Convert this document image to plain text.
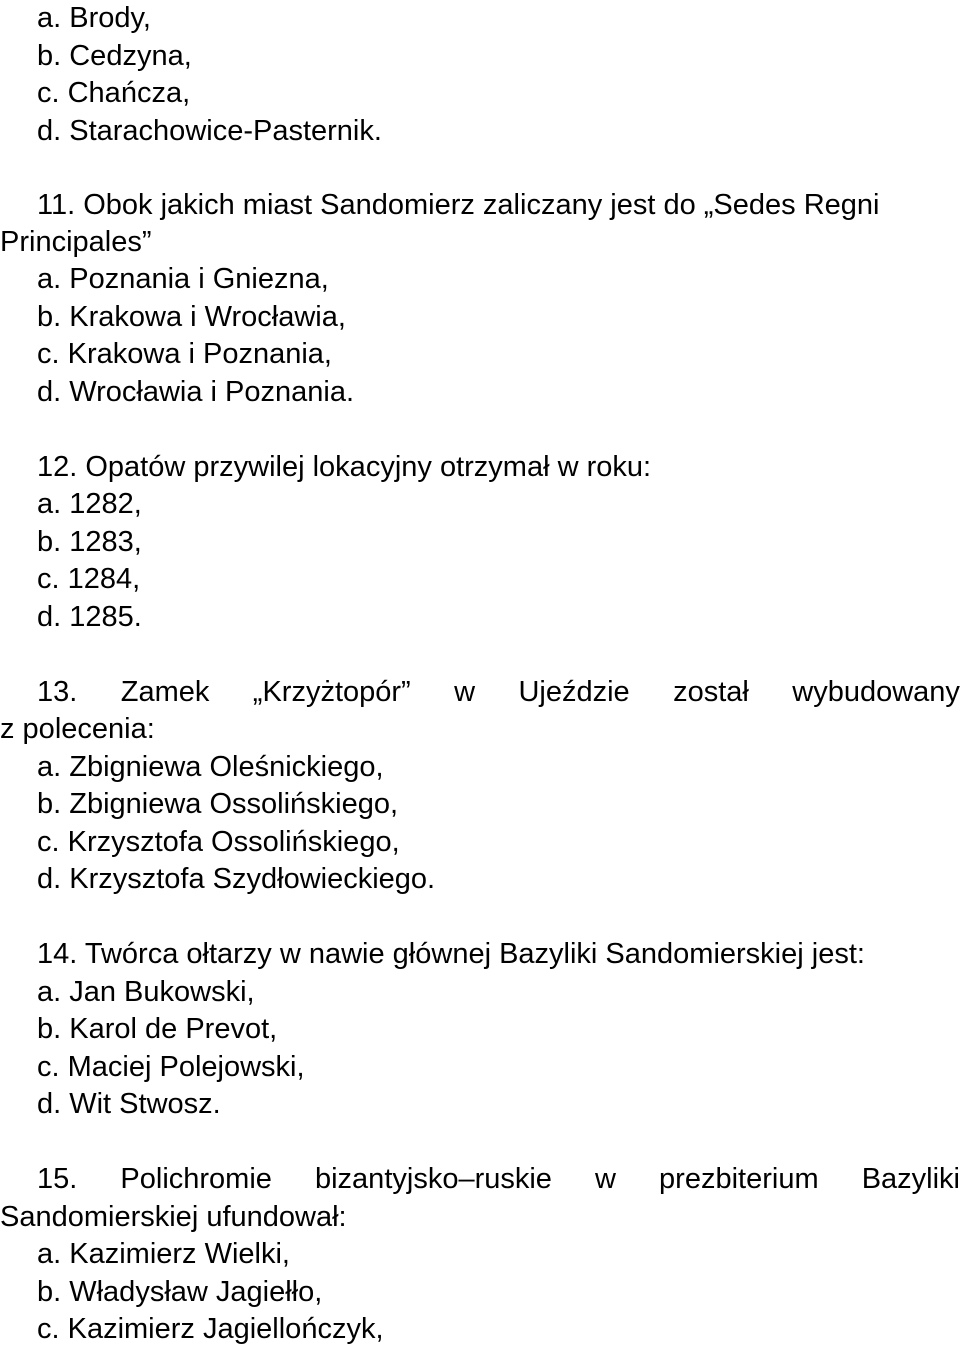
a. Brody,
b. Cedzyna,
c. Chańcza,
d. Starachowice-Pasternik.
11. Obok jakich miast Sandomierz zaliczany jest do „Sedes Regni
Principales”
a. Poznania i Gniezna,
b. Krakowa i Wrocławia,
c. Krakowa i Poznania,
d. Wrocławia i Poznania.
12. Opatów przywilej lokacyjny otrzymał w roku:
a. 1282,
b. 1283,
c. 1284,
d. 1285.
13. Zamek „Krzyżtopór” w Ujeździe został wybudowany
z polecenia:
a. Zbigniewa Oleśnickiego,
b. Zbigniewa Ossolińskiego,
c. Krzysztofa Ossolińskiego,
d. Krzysztofa Szydłowieckiego.
14. Twórca ołtarzy w nawie głównej Bazyliki Sandomierskiej jest:
a. Jan Bukowski,
b. Karol de Prevot,
c. Maciej Polejowski,
d. Wit Stwosz.
15. Polichromie bizantyjsko–ruskie w prezbiterium Bazyliki
Sandomierskiej ufundował:
a. Kazimierz Wielki,
b. Władysław Jagiełło,
c. Kazimierz Jagiellończyk,
